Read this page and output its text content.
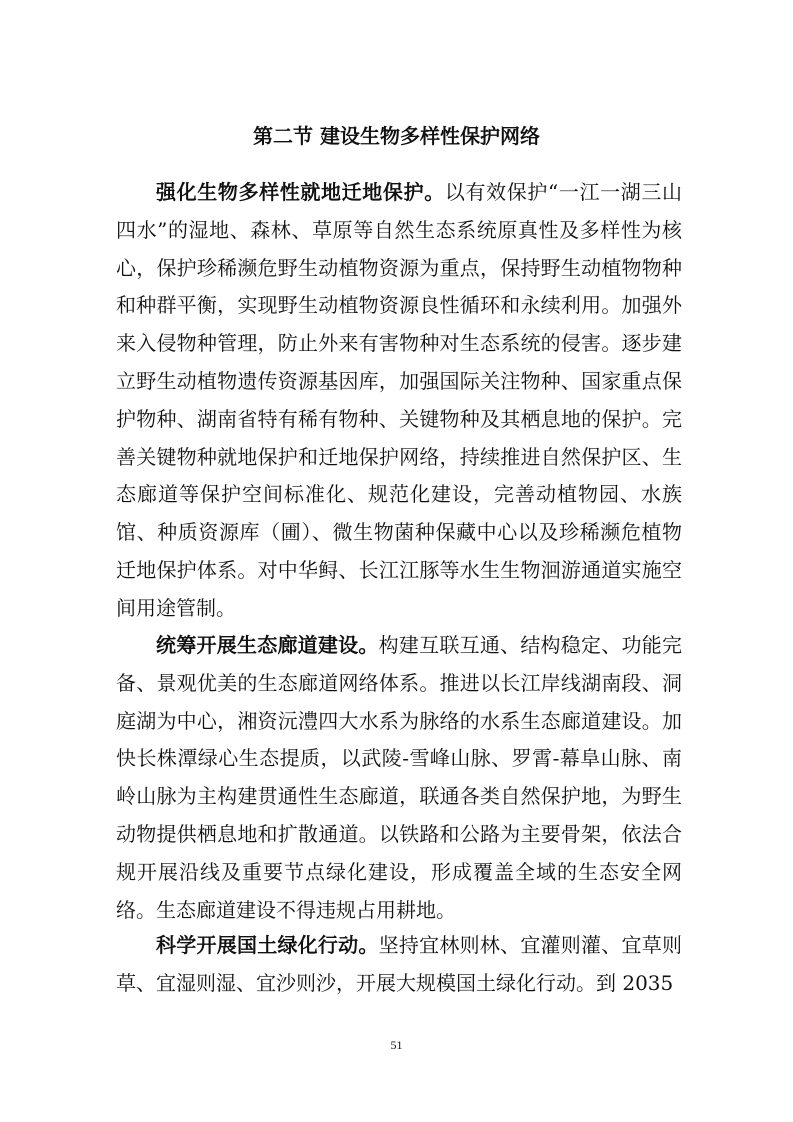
第二节 建设生物多样性保护网络

强化生物多样性就地迁地保护。以有效保护“一江一湖三山四水”的湿地、森林、草原等自然生态系统原真性及多样性为核心，保护珍稀濒危野生动植物资源为重点，保持野生动植物物种和种群平衡，实现野生动植物资源良性循环和永续利用。加强外来入侵物种管理，防止外来有害物种对生态系统的侵害。逐步建立野生动植物遗传资源基因库，加强国际关注物种、国家重点保护物种、湖南省特有稀有物种、关键物种及其栖息地的保护。完善关键物种就地保护和迁地保护网络，持续推进自然保护区、生态廊道等保护空间标准化、规范化建设，完善动植物园、水族馆、种质资源库（圃）、微生物菌种保藏中心以及珍稀濒危植物迁地保护体系。对中华鲟、长江江豚等水生生物洄游通道实施空间用途管制。

统筹开展生态廊道建设。构建互联互通、结构稳定、功能完备、景观优美的生态廊道网络体系。推进以长江岸线湖南段、洞庭湖为中心，湘资沅澧四大水系为脉络的水系生态廊道建设。加快长株潭绿心生态提质，以武陵-雪峰山脉、罗霄-幕阜山脉、南岭山脉为主构建贯通性生态廊道，联通各类自然保护地，为野生动物提供栖息地和扩散通道。以铁路和公路为主要骨架，依法合规开展沿线及重要节点绿化建设，形成覆盖全域的生态安全网络。生态廊道建设不得违规占用耕地。

科学开展国土绿化行动。坚持宜林则林、宜灌则灌、宜草则草、宜湿则湿、宜沙则沙，开展大规模国土绿化行动。到 2035

51
